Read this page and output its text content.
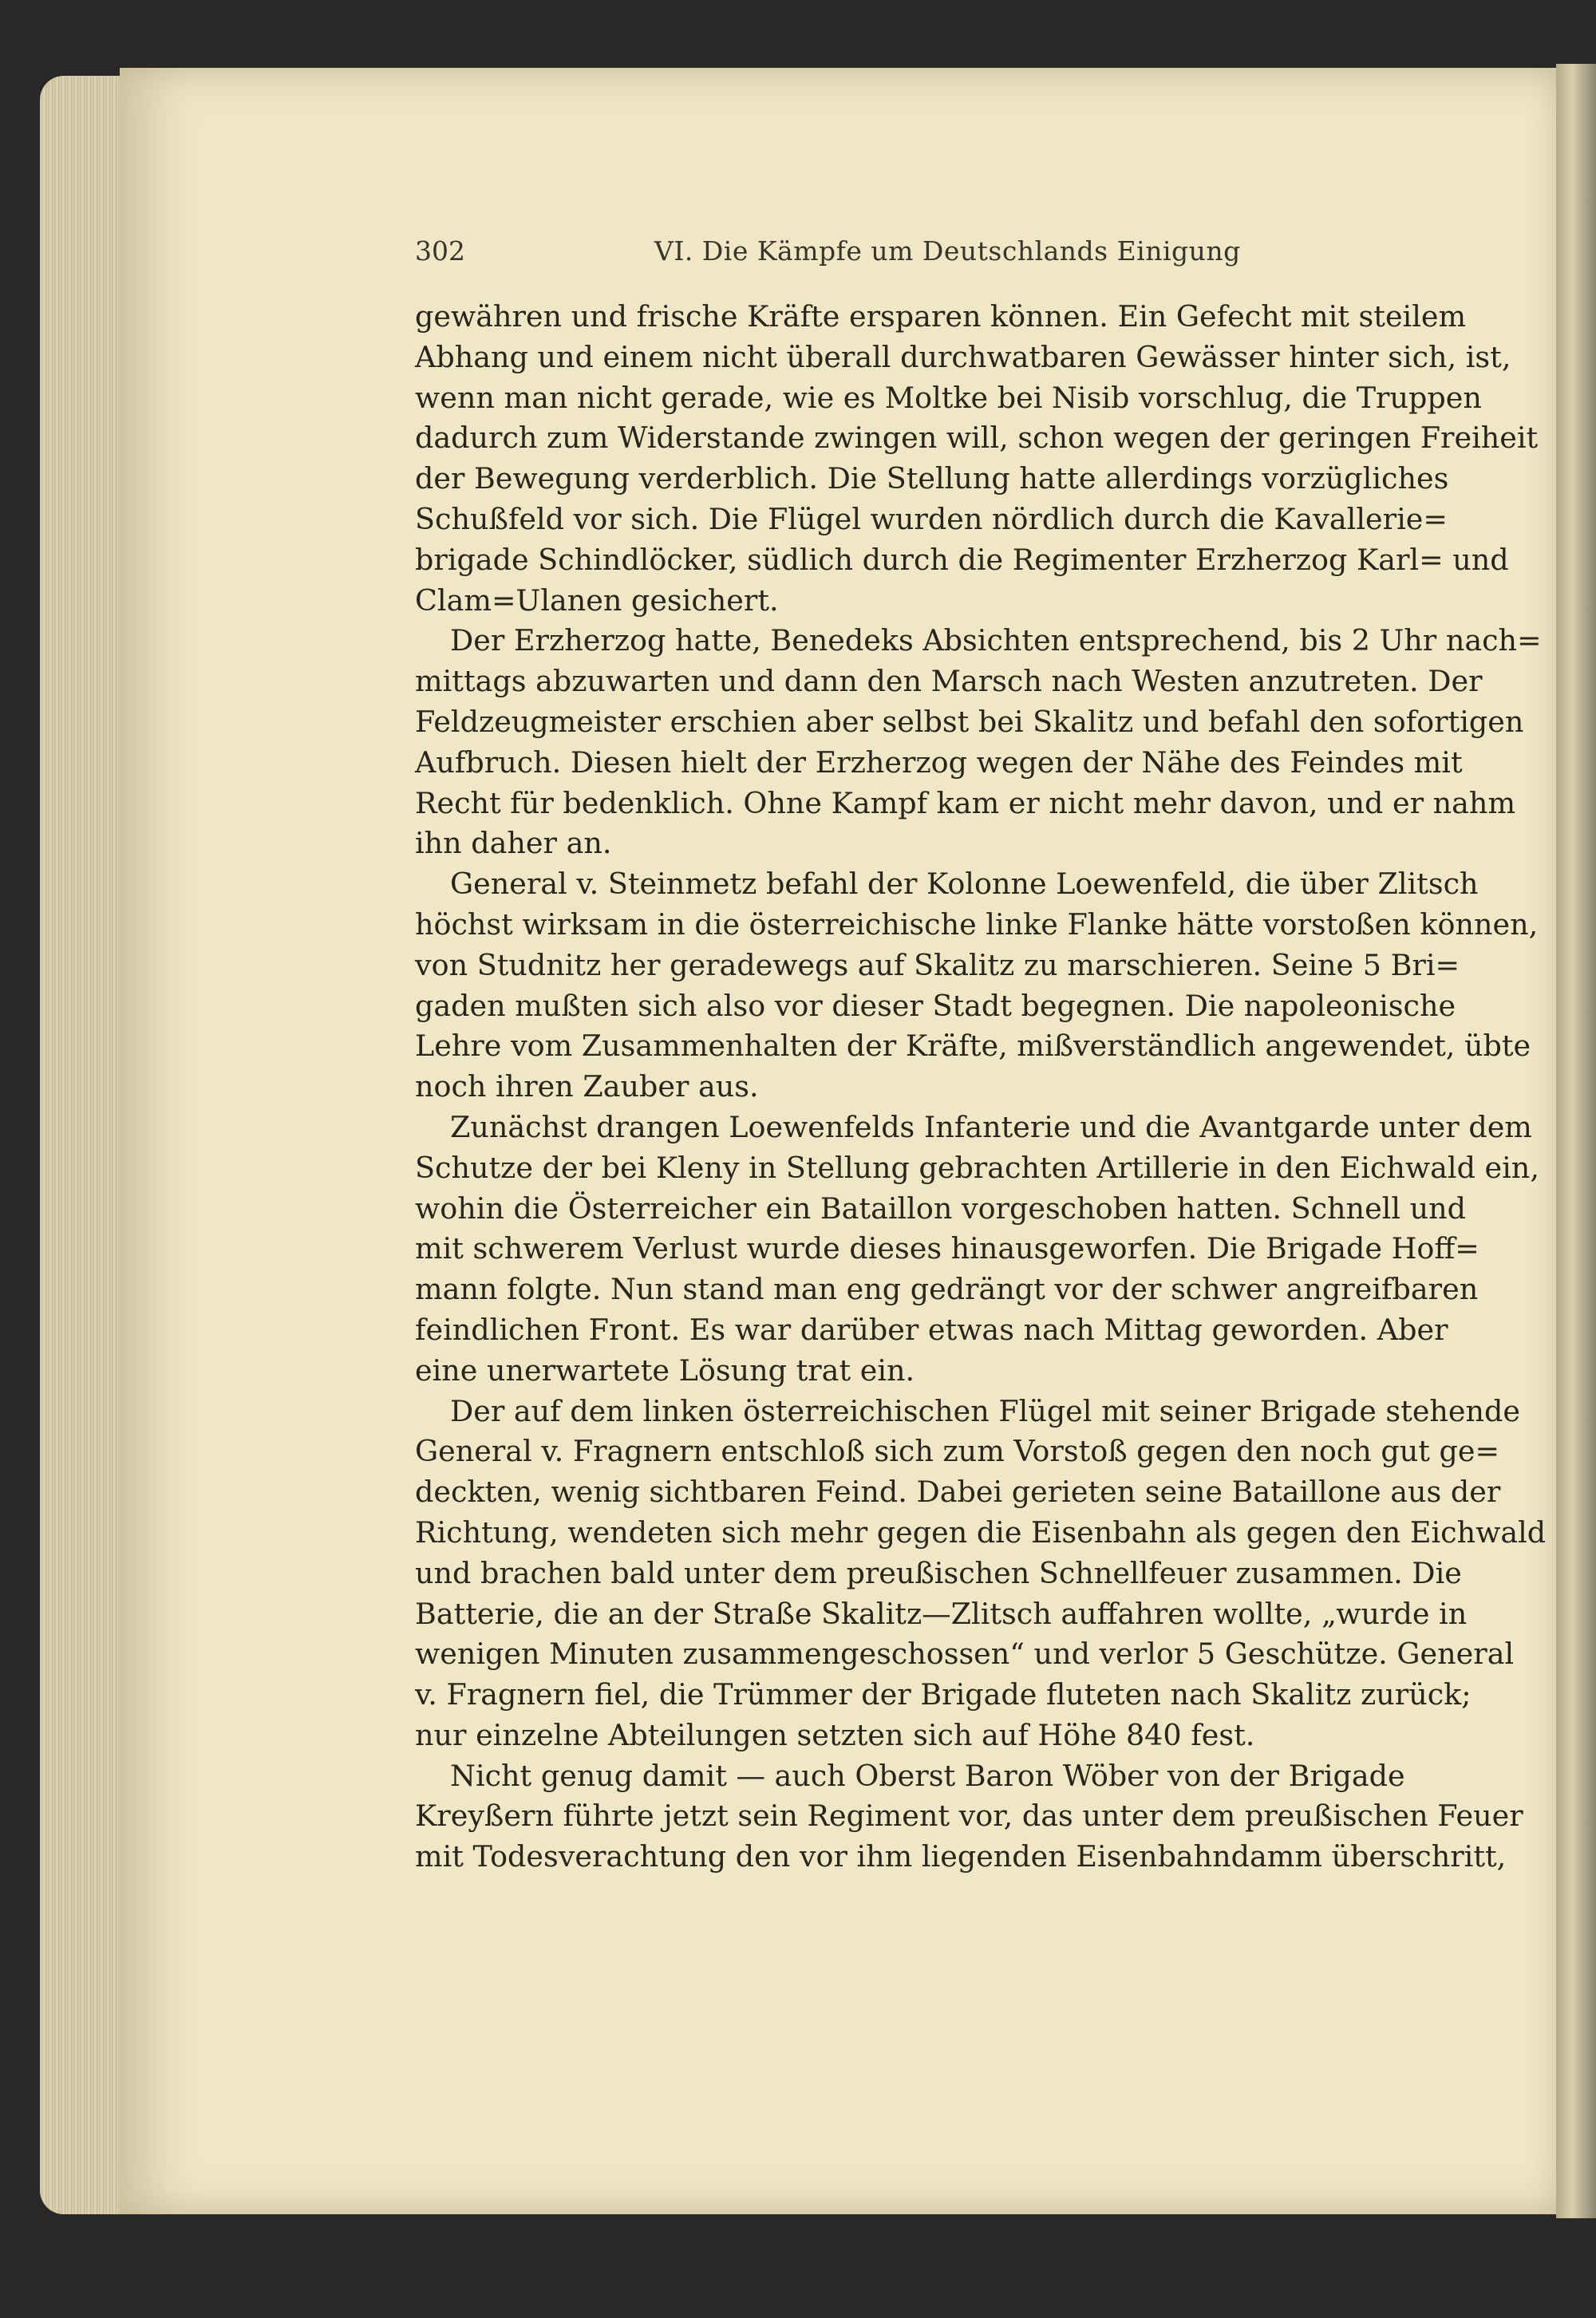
302	VI. Die Kämpfe um Deutschlands Einigung
gewähren und frische Kräfte ersparen können. Ein Gefecht mit steilem
Abhang und einem nicht überall durchwatbaren Gewässer hinter sich, ist,
wenn man nicht gerade, wie es Moltke bei Nisib vorschlug, die Truppen
dadurch zum Widerstande zwingen will, schon wegen der geringen Freiheit
der Bewegung verderblich. Die Stellung hatte allerdings vorzügliches
Schußfeld vor sich. Die Flügel wurden nördlich durch die Kavallerie=
brigade Schindlöcker, südlich durch die Regimenter Erzherzog Karl= und
Clam=Ulanen gesichert.
Der Erzherzog hatte, Benedeks Absichten entsprechend, bis 2 Uhr nach=
mittags abzuwarten und dann den Marsch nach Westen anzutreten. Der
Feldzeugmeister erschien aber selbst bei Skalitz und befahl den sofortigen
Aufbruch. Diesen hielt der Erzherzog wegen der Nähe des Feindes mit
Recht für bedenklich. Ohne Kampf kam er nicht mehr davon, und er nahm
ihn daher an.
General v. Steinmetz befahl der Kolonne Loewenfeld, die über Zlitsch
höchst wirksam in die österreichische linke Flanke hätte vorstoßen können,
von Studnitz her geradewegs auf Skalitz zu marschieren. Seine 5 Bri=
gaden mußten sich also vor dieser Stadt begegnen. Die napoleonische
Lehre vom Zusammenhalten der Kräfte, mißverständlich angewendet, übte
noch ihren Zauber aus.
Zunächst drangen Loewenfelds Infanterie und die Avantgarde unter dem
Schutze der bei Kleny in Stellung gebrachten Artillerie in den Eichwald ein,
wohin die Österreicher ein Bataillon vorgeschoben hatten. Schnell und
mit schwerem Verlust wurde dieses hinausgeworfen. Die Brigade Hoff=
mann folgte. Nun stand man eng gedrängt vor der schwer angreifbaren
feindlichen Front. Es war darüber etwas nach Mittag geworden. Aber
eine unerwartete Lösung trat ein.
Der auf dem linken österreichischen Flügel mit seiner Brigade stehende
General v. Fragnern entschloß sich zum Vorstoß gegen den noch gut ge=
deckten, wenig sichtbaren Feind. Dabei gerieten seine Bataillone aus der
Richtung, wendeten sich mehr gegen die Eisenbahn als gegen den Eichwald
und brachen bald unter dem preußischen Schnellfeuer zusammen. Die
Batterie, die an der Straße Skalitz—Zlitsch auffahren wollte, „wurde in
wenigen Minuten zusammengeschossen“ und verlor 5 Geschütze. General
v. Fragnern fiel, die Trümmer der Brigade fluteten nach Skalitz zurück;
nur einzelne Abteilungen setzten sich auf Höhe 840 fest.
Nicht genug damit — auch Oberst Baron Wöber von der Brigade
Kreyßern führte jetzt sein Regiment vor, das unter dem preußischen Feuer
mit Todesverachtung den vor ihm liegenden Eisenbahndamm überschritt,
